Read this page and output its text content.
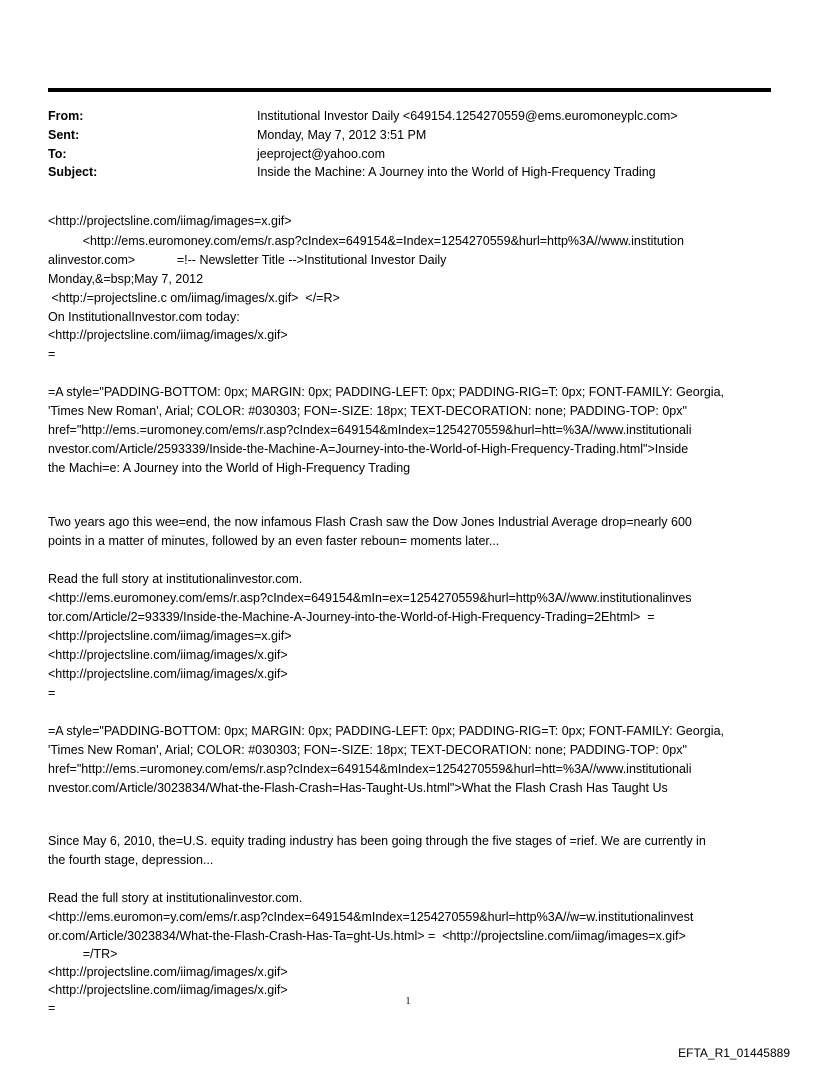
From:	Institutional Investor Daily <649154.1254270559@ems.euromoneyplc.com>
Sent:	Monday, May 7, 2012 3:51 PM
To:	jeeproject@yahoo.com
Subject:	Inside the Machine: A Journey into the World of High-Frequency Trading
<http://projectsline.com/iimag/images=x.gif>
<http://ems.euromoney.com/ems/r.asp?cIndex=649154&=Index=1254270559&hurl=http%3A//www.institution
alinvestor.com>            =!-- Newsletter Title -->Institutional Investor Daily
Monday,&=bsp;May 7, 2012
<http:/=projectsline.c om/iimag/images/x.gif>  </=R>
On InstitutionalInvestor.com today:
<http://projectsline.com/iimag/images/x.gif>
=
=A style="PADDING-BOTTOM: 0px; MARGIN: 0px; PADDING-LEFT: 0px; PADDING-RIG=T: 0px; FONT-FAMILY: Georgia,
'Times New Roman', Arial; COLOR: #030303; FON=-SIZE: 18px; TEXT-DECORATION: none; PADDING-TOP: 0px"
href="http://ems.=uromoney.com/ems/r.asp?cIndex=649154&mIndex=1254270559&hurl=htt=%3A//www.institutionali
nvestor.com/Article/2593339/Inside-the-Machine-A=Journey-into-the-World-of-High-Frequency-Trading.html">Inside
the Machi=e: A Journey into the World of High-Frequency Trading
Two years ago this wee=end, the now infamous Flash Crash saw the Dow Jones Industrial Average drop=nearly 600
points in a matter of minutes, followed by an even faster reboun= moments later...
Read the full story at institutionalinvestor.com.
<http://ems.euromoney.com/ems/r.asp?cIndex=649154&mIn=ex=1254270559&hurl=http%3A//www.institutionalinves
tor.com/Article/2=93339/Inside-the-Machine-A-Journey-into-the-World-of-High-Frequency-Trading=2Ehtml>  =
<http://projectsline.com/iimag/images=x.gif>
<http://projectsline.com/iimag/images/x.gif>
<http://projectsline.com/iimag/images/x.gif>
=
=A style="PADDING-BOTTOM: 0px; MARGIN: 0px; PADDING-LEFT: 0px; PADDING-RIG=T: 0px; FONT-FAMILY: Georgia,
'Times New Roman', Arial; COLOR: #030303; FON=-SIZE: 18px; TEXT-DECORATION: none; PADDING-TOP: 0px"
href="http://ems.=uromoney.com/ems/r.asp?cIndex=649154&mIndex=1254270559&hurl=htt=%3A//www.institutionali
nvestor.com/Article/3023834/What-the-Flash-Crash=Has-Taught-Us.html">What the Flash Crash Has Taught Us
Since May 6, 2010, the=U.S. equity trading industry has been going through the five stages of =rief. We are currently in
the fourth stage, depression...
Read the full story at institutionalinvestor.com.
<http://ems.euromon=y.com/ems/r.asp?cIndex=649154&mIndex=1254270559&hurl=http%3A//w=w.institutionalinvest
or.com/Article/3023834/What-the-Flash-Crash-Has-Ta=ght-Us.html> =  <http://projectsline.com/iimag/images=x.gif>
=/TR>
<http://projectsline.com/iimag/images/x.gif>
<http://projectsline.com/iimag/images/x.gif>
=	1
EFTA_R1_01445889
